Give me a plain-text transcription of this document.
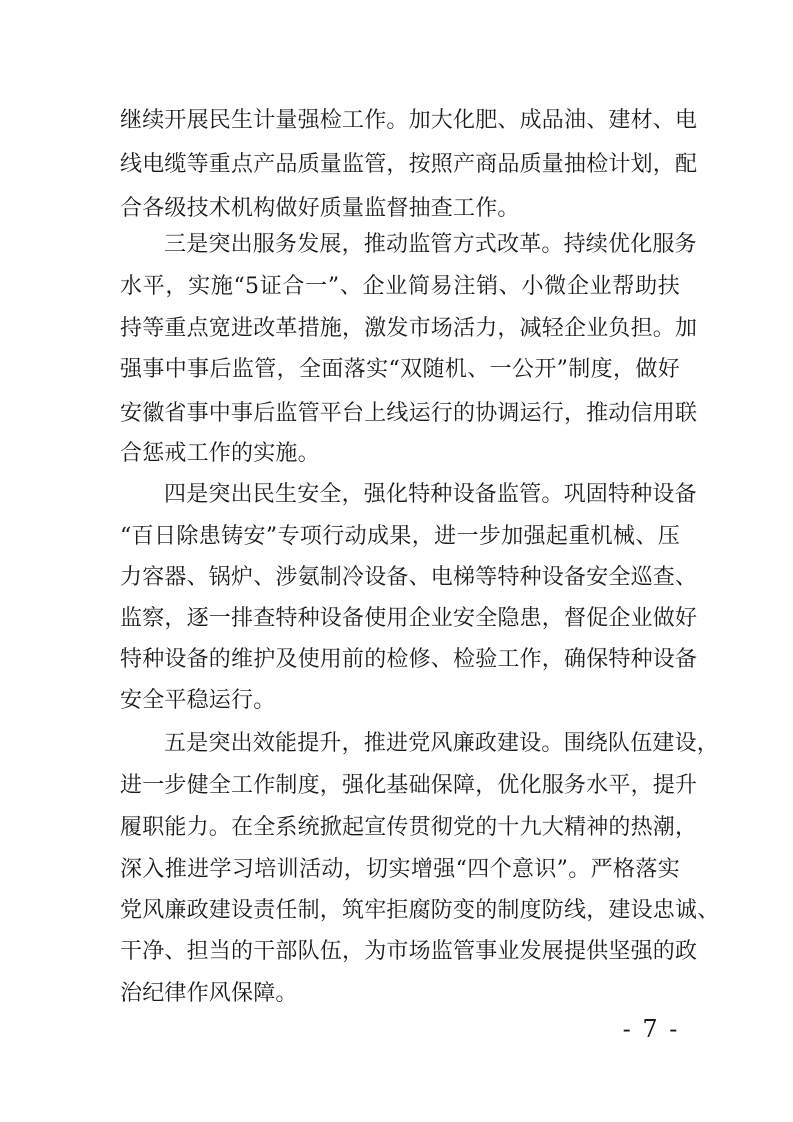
继续开展民生计量强检工作。加大化肥、成品油、建材、电
线电缆等重点产品质量监管，按照产商品质量抽检计划，配
合各级技术机构做好质量监督抽查工作。
三是突出服务发展，推动监管方式改革。持续优化服务
水平，实施“5证合一”、企业简易注销、小微企业帮助扶
持等重点宽进改革措施，激发市场活力，减轻企业负担。加
强事中事后监管，全面落实“双随机、一公开”制度，做好
安徽省事中事后监管平台上线运行的协调运行，推动信用联
合惩戒工作的实施。
四是突出民生安全，强化特种设备监管。巩固特种设备
“百日除患铸安”专项行动成果，进一步加强起重机械、压
力容器、锅炉、涉氨制冷设备、电梯等特种设备安全巡查、
监察，逐一排查特种设备使用企业安全隐患，督促企业做好
特种设备的维护及使用前的检修、检验工作，确保特种设备
安全平稳运行。
五是突出效能提升，推进党风廉政建设。围绕队伍建设，
进一步健全工作制度，强化基础保障，优化服务水平，提升
履职能力。在全系统掀起宣传贯彻党的十九大精神的热潮，
深入推进学习培训活动，切实增强“四个意识”。严格落实
党风廉政建设责任制，筑牢拒腐防变的制度防线，建设忠诚、
干净、担当的干部队伍，为市场监管事业发展提供坚强的政
治纪律作风保障。
- 7 -
